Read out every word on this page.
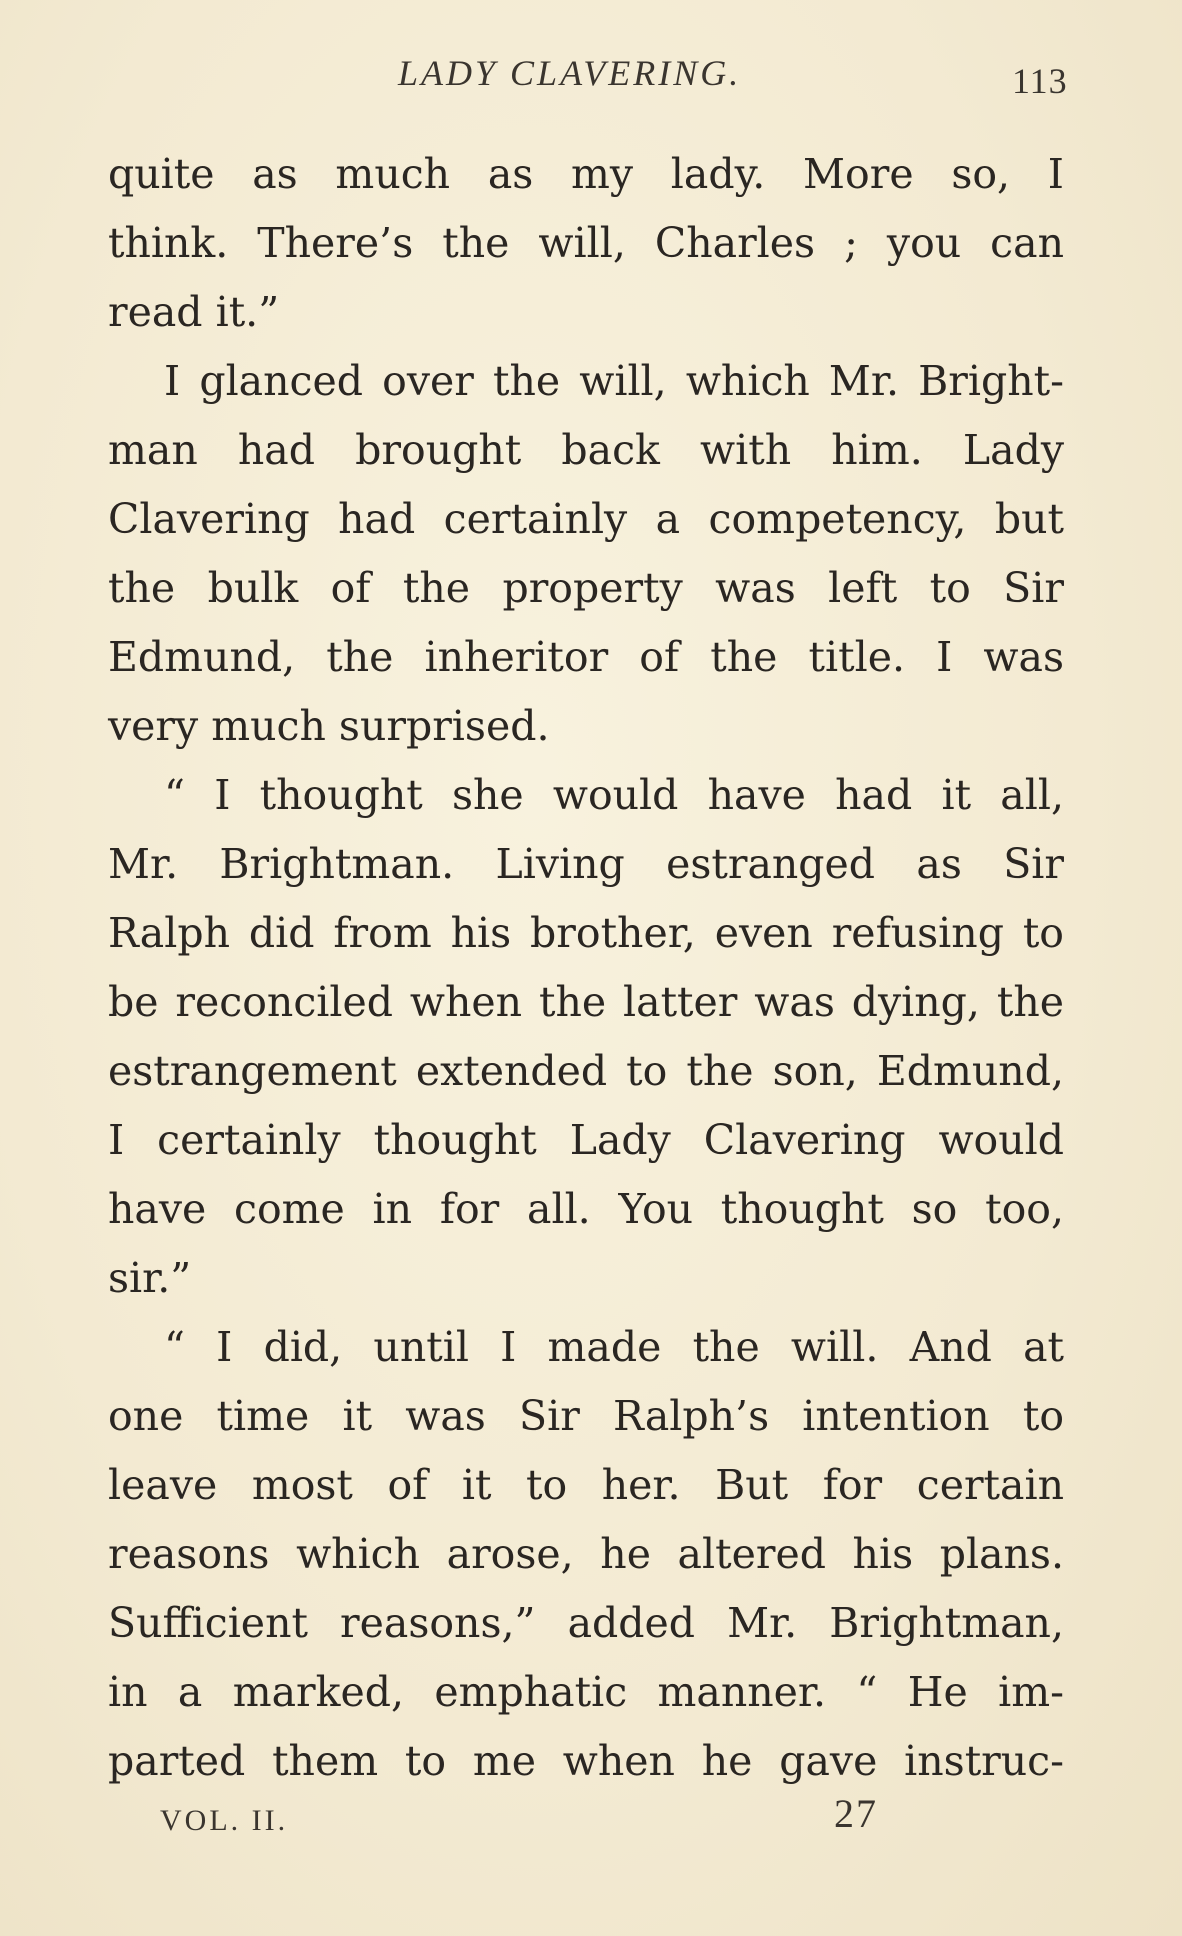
LADY CLAVERING.	113
quite as much as my lady. More so, I
think. There’s the will, Charles ; you can
read it.”
I glanced over the will, which Mr. Bright-
man had brought back with him. Lady
Clavering had certainly a competency, but
the bulk of the property was left to Sir
Edmund, the inheritor of the title. I was
very much surprised.
“ I thought she would have had it all,
Mr. Brightman. Living estranged as Sir
Ralph did from his brother, even refusing to
be reconciled when the latter was dying, the
estrangement extended to the son, Edmund,
I certainly thought Lady Clavering would
have come in for all. You thought so too,
sir.”
“ I did, until I made the will. And at
one time it was Sir Ralph’s intention to
leave most of it to her. But for certain
reasons which arose, he altered his plans.
Sufficient reasons,” added Mr. Brightman,
in a marked, emphatic manner. “ He im-
parted them to me when he gave instruc-
VOL. II.	27
